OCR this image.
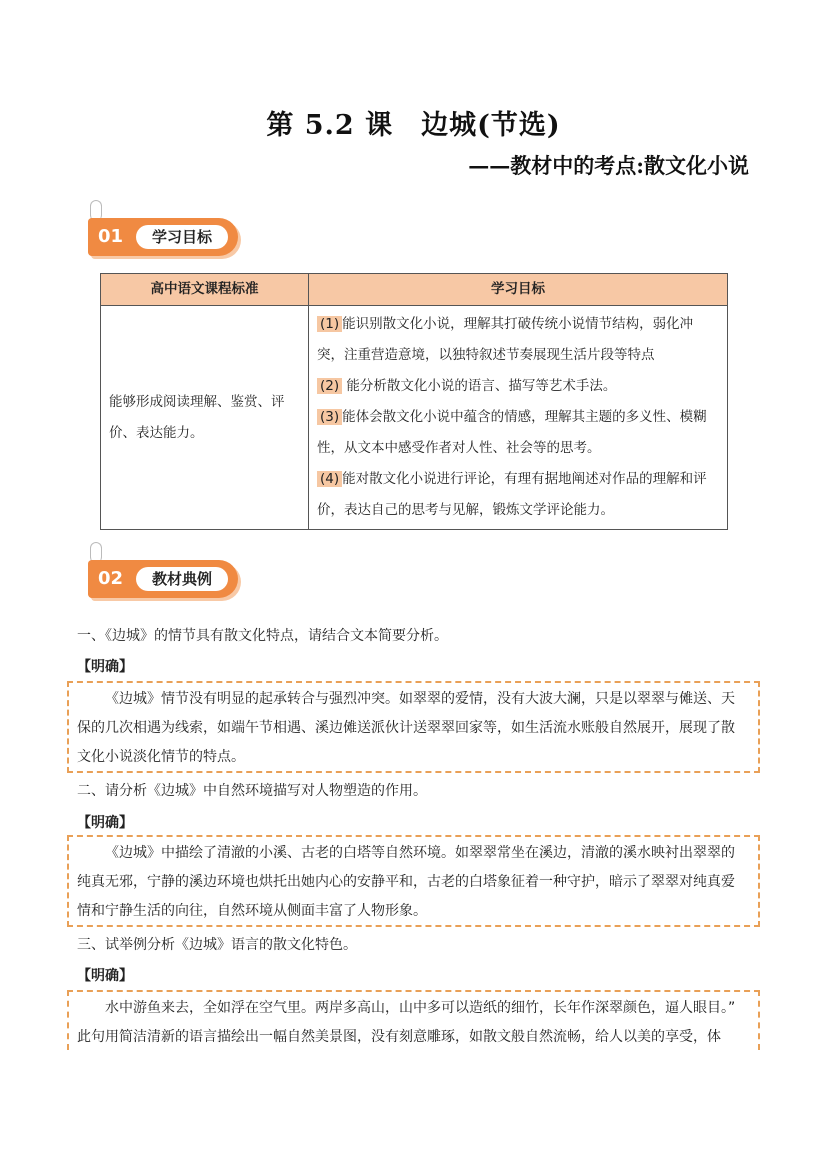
第 5.2 课　边城(节选)
——教材中的考点:散文化小说
01	学习目标
高中语文课程标准	学习目标
能够形成阅读理解、鉴赏、评价、表达能力。	(1) 能识别散文化小说，理解其打破传统小说情节结构，弱化冲突，注重营造意境，以独特叙述节奏展现生活片段等特点

(2) 能分析散文化小说的语言、描写等艺术手法。

(3) 能体会散文化小说中蕴含的情感，理解其主题的多义性、模糊性，从文本中感受作者对人性、社会等的思考。

(4) 能对散文化小说进行评论，有理有据地阐述对作品的理解和评价，表达自己的思考与见解，锻炼文学评论能力。

02	教材典例
一、《边城》的情节具有散文化特点，请结合文本简要分析。
【明确】

《边城》情节没有明显的起承转合与强烈冲突。如翠翠的爱情，没有大波大澜，只是以翠翠与傩送、天保的几次相遇为线索，如端午节相遇、溪边傩送派伙计送翠翠回家等，如生活流水账般自然展开，展现了散文化小说淡化情节的特点。

二、请分析《边城》中自然环境描写对人物塑造的作用。
【明确】

《边城》中描绘了清澈的小溪、古老的白塔等自然环境。如翠翠常坐在溪边，清澈的溪水映衬出翠翠的纯真无邪，宁静的溪边环境也烘托出她内心的安静平和，古老的白塔象征着一种守护，暗示了翠翠对纯真爱情和宁静生活的向往，自然环境从侧面丰富了人物形象。

三、试举例分析《边城》语言的散文化特色。
【明确】

水中游鱼来去，全如浮在空气里。两岸多高山，山中多可以造纸的细竹，长年作深翠颜色，逼人眼目。”

此句用简洁清新的语言描绘出一幅自然美景图，没有刻意雕琢，如散文般自然流畅，给人以美的享受，体
